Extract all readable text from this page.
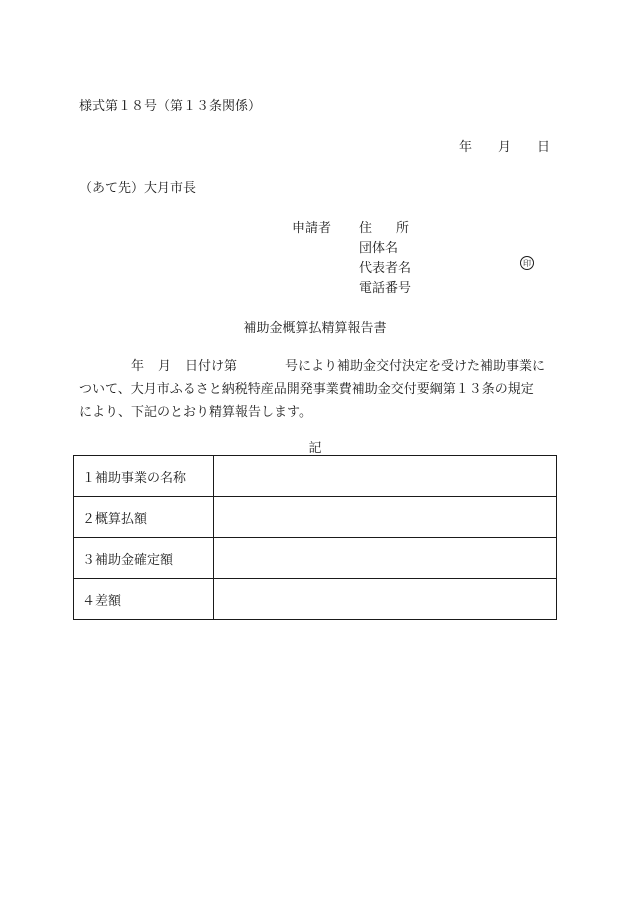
様式第１８号（第１３条関係）
年 月 日
（あて先）大月市長
申請者 住 所
団体名
代表者名	印
電話番号
補助金概算払精算報告書
年 月 日付け第	号により補助金交付決定を受けた補助事業に
ついて、大月市ふるさと納税特産品開発事業費補助金交付要綱第１３条の規定
により、下記のとおり精算報告します。
記
１補助事業の名称	
２概算払額	
３補助金確定額	
４差額	
